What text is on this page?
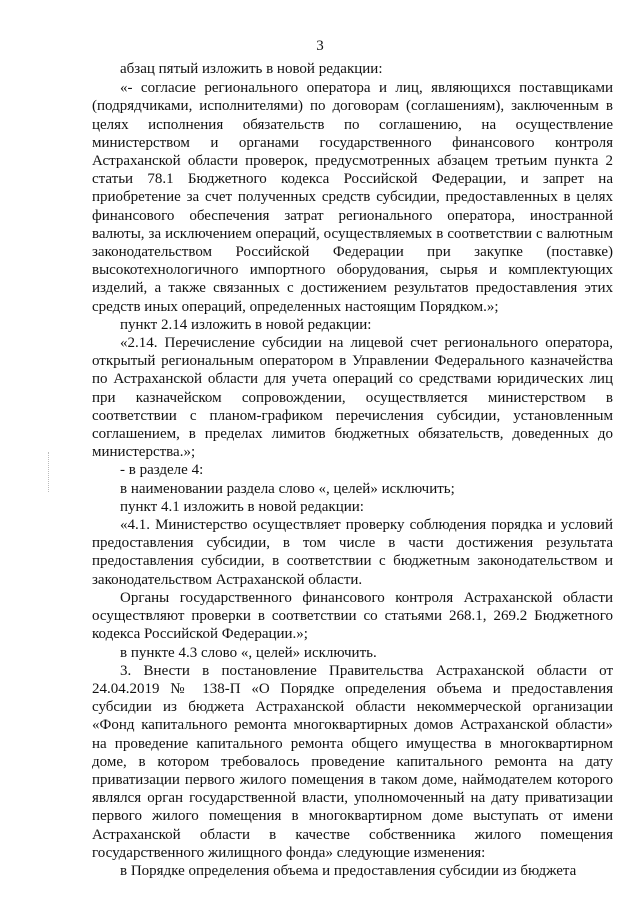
3

абзац пятый изложить в новой редакции:

«- согласие регионального оператора и лиц, являющихся поставщиками (подрядчиками, исполнителями) по договорам (соглашениям), заключенным в целях исполнения обязательств по соглашению, на осуществление министерством и органами государственного финансового контроля Астраханской области проверок, предусмотренных абзацем третьим пункта 2 статьи 78.1 Бюджетного кодекса Российской Федерации, и запрет на приобретение за счет полученных средств субсидии, предоставленных в целях финансового обеспечения затрат регионального оператора, иностранной валюты, за исключением операций, осуществляемых в соответствии с валютным законодательством Российской Федерации при закупке (поставке) высокотехнологичного импортного оборудования, сырья и комплектующих изделий, а также связанных с достижением результатов предоставления этих средств иных операций, определенных настоящим Порядком.»;

пункт 2.14 изложить в новой редакции:

«2.14. Перечисление субсидии на лицевой счет регионального оператора, открытый региональным оператором в Управлении Федерального казначейства по Астраханской области для учета операций со средствами юридических лиц при казначейском сопровождении, осуществляется министерством в соответствии с планом-графиком перечисления субсидии, установленным соглашением, в пределах лимитов бюджетных обязательств, доведенных до министерства.»;

- в разделе 4:

в наименовании раздела слово «, целей» исключить;

пункт 4.1 изложить в новой редакции:

«4.1. Министерство осуществляет проверку соблюдения порядка и условий предоставления субсидии, в том числе в части достижения результата предоставления субсидии, в соответствии с бюджетным законодательством и законодательством Астраханской области.

Органы государственного финансового контроля Астраханской области осуществляют проверки в соответствии со статьями 268.1, 269.2 Бюджетного кодекса Российской Федерации.»;

в пункте 4.3 слово «, целей» исключить.

3. Внести в постановление Правительства Астраханской области от 24.04.2019 № 138-П «О Порядке определения объема и предоставления субсидии из бюджета Астраханской области некоммерческой организации «Фонд капитального ремонта многоквартирных домов Астраханской области» на проведение капитального ремонта общего имущества в многоквартирном доме, в котором требовалось проведение капитального ремонта на дату приватизации первого жилого помещения в таком доме, наймодателем которого являлся орган государственной власти, уполномоченный на дату приватизации первого жилого помещения в многоквартирном доме выступать от имени Астраханской области в качестве собственника жилого помещения государственного жилищного фонда» следующие изменения:

в Порядке определения объема и предоставления субсидии из бюджета
